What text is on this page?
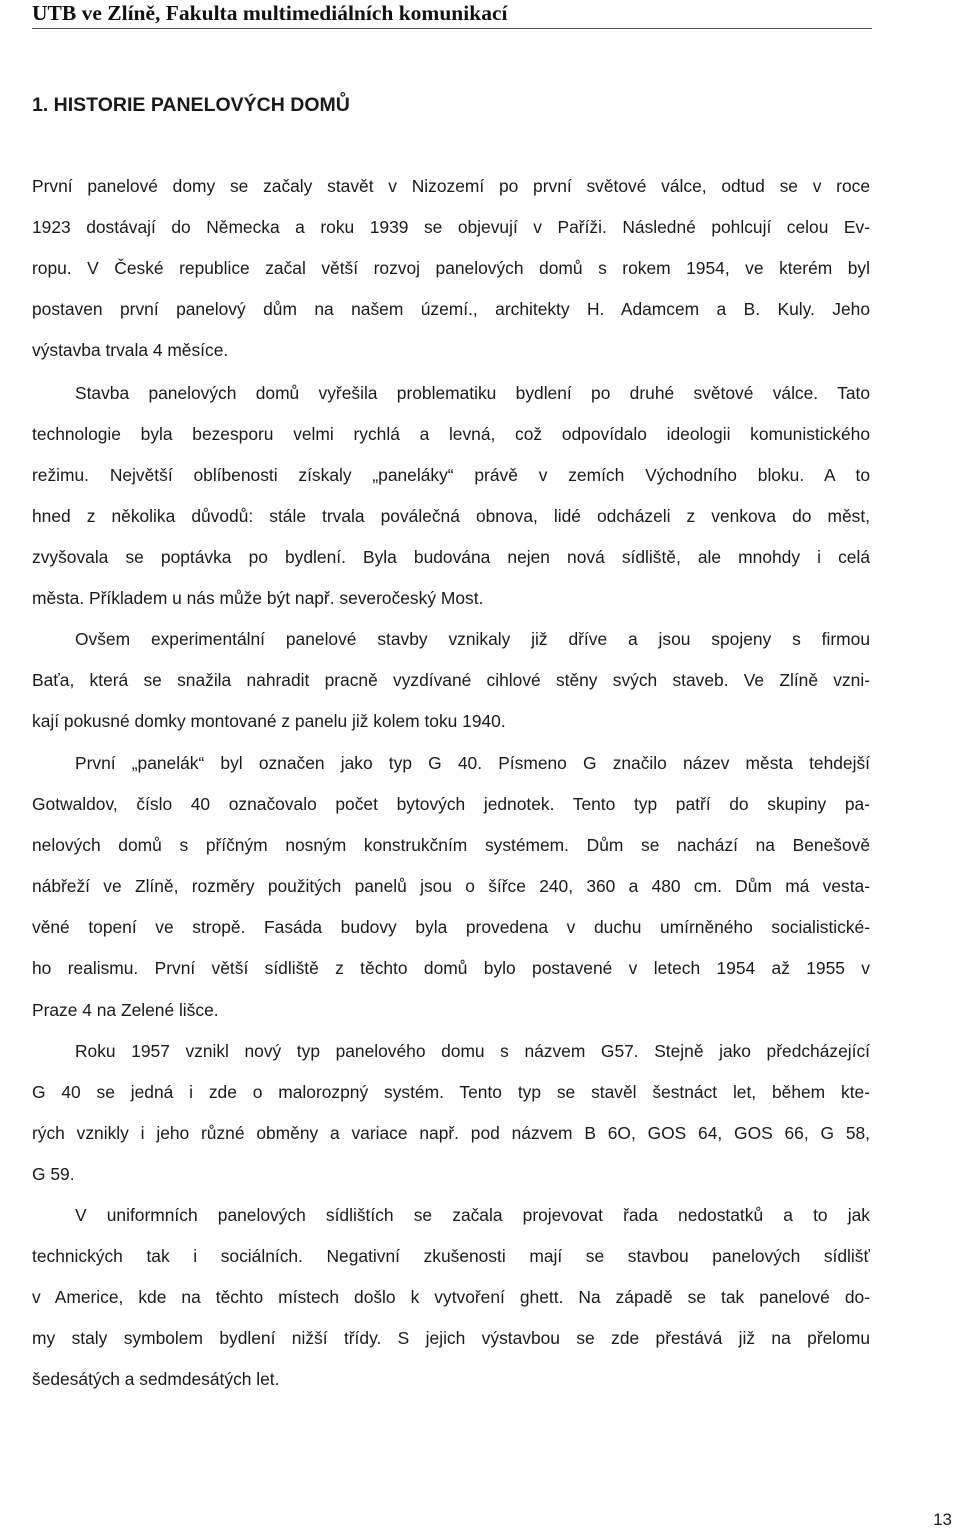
UTB ve Zlíně, Fakulta multimediálních komunikací
1. HISTORIE PANELOVÝCH DOMŮ
První panelové domy se začaly stavět v Nizozemí po první světové válce, odtud se v roce
1923 dostávají do Německa a roku 1939 se objevují v Paříži. Následné pohlcují celou Ev-
ropu. V České republice začal větší rozvoj panelových domů s rokem 1954, ve kterém byl
postaven první panelový dům na našem území., architekty H. Adamcem a B. Kuly. Jeho
výstavba trvala 4 měsíce.
Stavba panelových domů vyřešila problematiku bydlení po druhé světové válce. Tato
technologie byla bezesporu velmi rychlá a levná, což odpovídalo ideologii komunistického
režimu. Největší oblíbenosti získaly „paneláky“ právě v zemích Východního bloku. A to
hned z několika důvodů: stále trvala poválečná obnova, lidé odcházeli z venkova do měst,
zvyšovala se poptávka po bydlení. Byla budována nejen nová sídliště, ale mnohdy i celá
města. Příkladem u nás může být např. severočeský Most.
Ovšem experimentální panelové stavby vznikaly již dříve a jsou spojeny s firmou
Baťa, která se snažila nahradit pracně vyzdívané cihlové stěny svých staveb. Ve Zlíně vzni-
kají pokusné domky montované z panelu již kolem toku 1940.
První „panelák“ byl označen jako typ G 40. Písmeno G značilo název města tehdejší
Gotwaldov, číslo 40 označovalo počet bytových jednotek. Tento typ patří do skupiny pa-
nelových domů s příčným nosným konstrukčním systémem. Dům se nachází na Benešově
nábřeží ve Zlíně, rozměry použitých panelů jsou o šířce 240, 360 a 480 cm. Dům má vesta-
věné topení ve stropě. Fasáda budovy byla provedena v duchu umírněného socialistické-
ho realismu. První větší sídliště z těchto domů bylo postavené v letech 1954 až 1955 v
Praze 4 na Zelené lišce.
Roku 1957 vznikl nový typ panelového domu s názvem G57. Stejně jako předcházející
G 40 se jedná i zde o malorozpný systém. Tento typ se stavěl šestnáct let, během kte-
rých vznikly i jeho různé obměny a variace např. pod názvem B 6O, GOS 64, GOS 66, G 58,
G 59.
V uniformních panelových sídlištích se začala projevovat řada nedostatků a to jak
technických tak i sociálních. Negativní zkušenosti mají se stavbou panelových sídlišť
v Americe, kde na těchto místech došlo k vytvoření ghett. Na západě se tak panelové do-
my staly symbolem bydlení nižší třídy. S jejich výstavbou se zde přestává již na přelomu
šedesátých a sedmdesátých let.
13
